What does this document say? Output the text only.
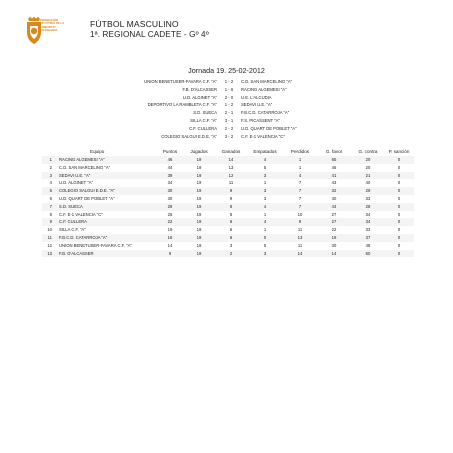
FEDERACIÓN
DE FÚTBOL DE LA
COMUNITAT
VALENCIANA
FÚTBOL MASCULINO
1ª. REGIONAL CADETE - Gº 4º
Jornada 19. 25-02-2012
UNION BENETUSER-FAVARA C.F. "A"	1 - 2	C.D. SAN MARCELINO "A"
F.B. D'ALCASSER	1 - 6	RACING ALGEMESI "A"
U.D. ALGINET "A"	2 - 0	U.E. L'ALCUDIA
DEPORTIVO LA RAMBLETA C.F. "A"	1 - 2	SEDAVI U.E. "A"
S.D. SUECA	2 - 1	F.B.C.D. CATARROJA "A"
SILLA C.F. "A"	3 - 1	F.S. PICASSENT "A"
C.F. CULLERA	2 - 2	U.D. QUART DE POBLET "A"
COLEGIO SALGUI E.D.E. "A"	3 - 2	C.F. E-1 VALENCIA "C"
Equipo	Puntos	Jugados	Ganados	Empatados	Perdidos	G. favor	G. contra	P. sanción
1 RACING ALGEMESI "A"	46	19	14	4	1	65	20	0
2 C.D. SAN MARCELINO "A"	44	19	13	5	1	46	20	0
3 SEDAVI U.E. "A"	39	19	12	3	4	41	21	0
4 U.D. ALGINET "A"	34	19	11	1	7	43	40	0
5 COLEGIO SALGUI E.D.E. "A"	30	19	9	3	7	32	29	0
6 U.D. QUART DE POBLET "A"	30	19	9	3	7	40	33	0
7 S.D. SUECA	28	19	8	4	7	44	28	0
8 C.F. E-1 VALENCIA "C"	25	19	8	1	10	27	34	0
9 C.F. CULLERA	22	19	6	4	9	27	34	0
10 SILLA C.F. "A"	19	19	6	1	11	22	33	0
11 F.B.C.D. CATARROJA "A"	18	19	6	0	13	19	37	0
12 UNION BENETUSER-FAVARA C.F. "A"	14	19	3	5	11	30	48	0
13 F.B. D'ALCASSER	9	19	2	3	14	14	60	0
